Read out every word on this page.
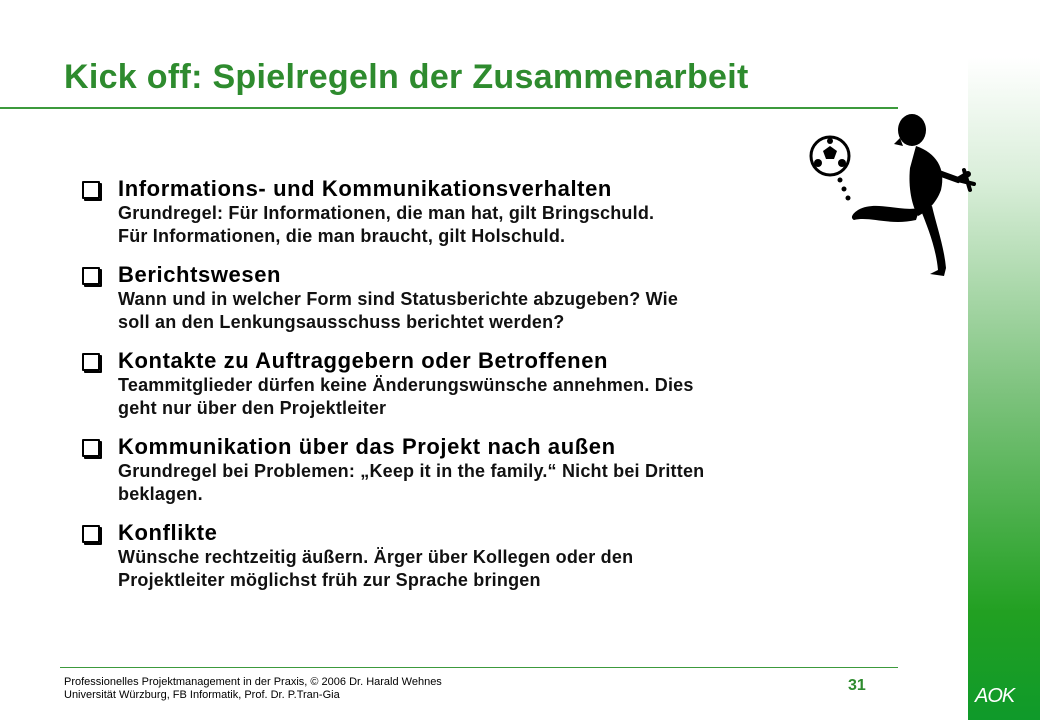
AOK
Kick off: Spielregeln der Zusammenarbeit
Informations- und Kommunikationsverhalten
Grundregel: Für Informationen, die man hat, gilt Bringschuld.
Für Informationen, die man braucht, gilt Holschuld.
Berichtswesen
Wann und in welcher Form sind Statusberichte abzugeben? Wie
soll an den Lenkungsausschuss berichtet werden?
Kontakte zu Auftraggebern oder Betroffenen
Teammitglieder dürfen keine Änderungswünsche annehmen. Dies
geht nur über den Projektleiter
Kommunikation über das Projekt nach außen
Grundregel bei Problemen: „Keep it in the family.“ Nicht bei Dritten
beklagen.
Konflikte
Wünsche rechtzeitig äußern. Ärger über Kollegen oder den
Projektleiter möglichst früh zur Sprache bringen
Professionelles Projektmanagement in der Praxis, © 2006 Dr. Harald Wehnes
Universität Würzburg, FB Informatik, Prof. Dr. P.Tran-Gia
31
